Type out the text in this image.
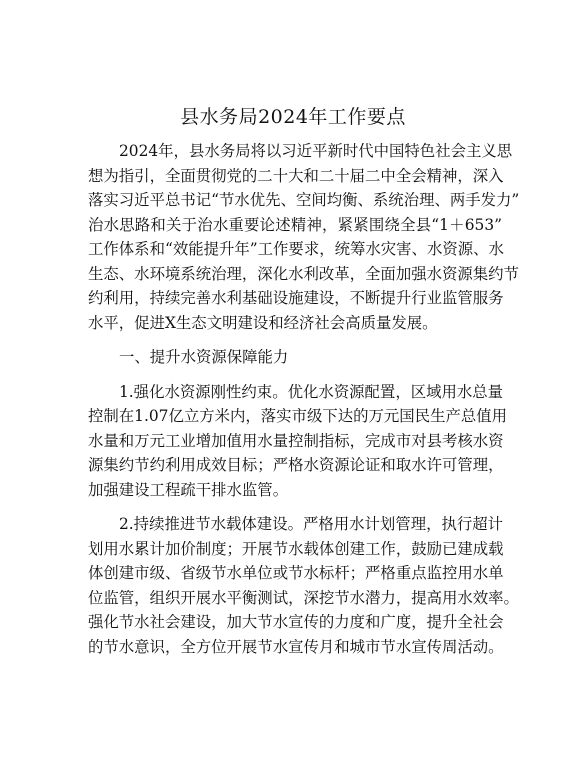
县水务局2024年工作要点
2024年，县水务局将以习近平新时代中国特色社会主义思
想为指引，全面贯彻党的二十大和二十届二中全会精神，深入
落实习近平总书记“节水优先、空间均衡、系统治理、两手发力”
治水思路和关于治水重要论述精神，紧紧围绕全县“1＋653”
工作体系和“效能提升年”工作要求，统筹水灾害、水资源、水
生态、水环境系统治理，深化水利改革，全面加强水资源集约节
约利用，持续完善水利基础设施建设，不断提升行业监管服务
水平，促进X生态文明建设和经济社会高质量发展。
一、提升水资源保障能力
1.强化水资源刚性约束。优化水资源配置，区域用水总量
控制在1.07亿立方米内，落实市级下达的万元国民生产总值用
水量和万元工业增加值用水量控制指标，完成市对县考核水资
源集约节约利用成效目标；严格水资源论证和取水许可管理，
加强建设工程疏干排水监管。
2.持续推进节水载体建设。严格用水计划管理，执行超计
划用水累计加价制度；开展节水载体创建工作，鼓励已建成载
体创建市级、省级节水单位或节水标杆；严格重点监控用水单
位监管，组织开展水平衡测试，深挖节水潜力，提高用水效率。
强化节水社会建设，加大节水宣传的力度和广度，提升全社会
的节水意识，全方位开展节水宣传月和城市节水宣传周活动。
